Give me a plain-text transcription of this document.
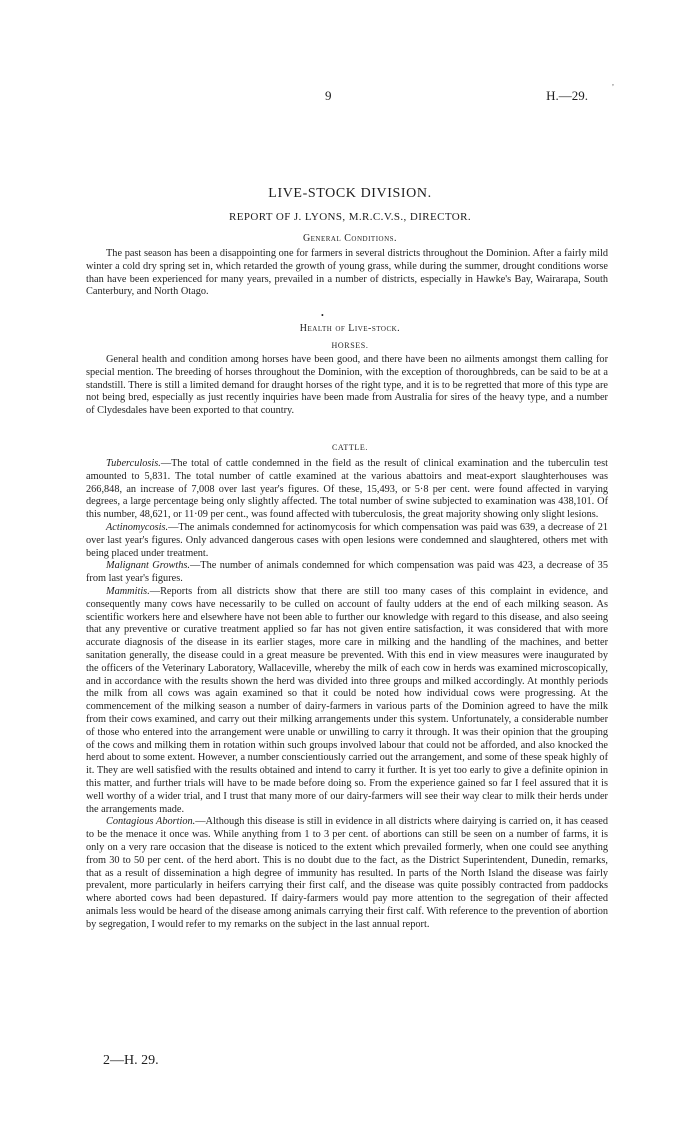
,
9	H.—29.
LIVE-STOCK DIVISION.
REPORT OF J. LYONS, M.R.C.V.S., DIRECTOR.
General Conditions.

The past season has been a disappointing one for farmers in several districts throughout the Dominion. After a fairly mild winter a cold dry spring set in, which retarded the growth of young grass, while during the summer, drought conditions worse than have been experienced for many years, prevailed in a number of districts, especially in Hawke's Bay, Wairarapa, South Canterbury, and North Otago.

•
Health of Live-stock.
HORSES.

General health and condition among horses have been good, and there have been no ailments amongst them calling for special mention. The breeding of horses throughout the Dominion, with the exception of thoroughbreds, can be said to be at a standstill. There is still a limited demand for draught horses of the right type, and it is to be regretted that more of this type are not being bred, especially as just recently inquiries have been made from Australia for sires of the heavy type, and a number of Clydesdales have been exported to that country.

CATTLE.

Tuberculosis.—The total of cattle condemned in the field as the result of clinical examination and the tuberculin test amounted to 5,831. The total number of cattle examined at the various abattoirs and meat-export slaughterhouses was 266,848, an increase of 7,008 over last year's figures. Of these, 15,493, or 5·8 per cent. were found affected in varying degrees, a large percentage being only slightly affected. The total number of swine subjected to examination was 438,101. Of this number, 48,621, or 11·09 per cent., was found affected with tuberculosis, the great majority showing only slight lesions.

Actinomycosis.—The animals condemned for actinomycosis for which compensation was paid was 639, a decrease of 21 over last year's figures. Only advanced dangerous cases with open lesions were condemned and slaughtered, others met with being placed under treatment.

Malignant Growths.—The number of animals condemned for which compensation was paid was 423, a decrease of 35 from last year's figures.

Mammitis.—Reports from all districts show that there are still too many cases of this complaint in evidence, and consequently many cows have necessarily to be culled on account of faulty udders at the end of each milking season. As scientific workers here and elsewhere have not been able to further our knowledge with regard to this disease, and also seeing that any preventive or curative treatment applied so far has not given entire satisfaction, it was considered that with more accurate diagnosis of the disease in its earlier stages, more care in milking and the handling of the machines, and better sanitation generally, the disease could in a great measure be prevented. With this end in view measures were inaugurated by the officers of the Veterinary Laboratory, Wallaceville, whereby the milk of each cow in herds was examined microscopically, and in accordance with the results shown the herd was divided into three groups and milked accordingly. At monthly periods the milk from all cows was again examined so that it could be noted how individual cows were progressing. At the commencement of the milking season a number of dairy-farmers in various parts of the Dominion agreed to have the milk from their cows examined, and carry out their milking arrangements under this system. Unfortunately, a considerable number of those who entered into the arrangement were unable or unwilling to carry it through. It was their opinion that the grouping of the cows and milking them in rotation within such groups involved labour that could not be afforded, and also knocked the herd about to some extent. However, a number conscientiously carried out the arrangement, and some of these speak highly of it. They are well satisfied with the results obtained and intend to carry it further. It is yet too early to give a definite opinion in this matter, and further trials will have to be made before doing so. From the experience gained so far I feel assured that it is well worthy of a wider trial, and I trust that many more of our dairy-farmers will see their way clear to milk their herds under the arrangements made.

Contagious Abortion.—Although this disease is still in evidence in all districts where dairying is carried on, it has ceased to be the menace it once was. While anything from 1 to 3 per cent. of abortions can still be seen on a number of farms, it is only on a very rare occasion that the disease is noticed to the extent which prevailed formerly, when one could see anything from 30 to 50 per cent. of the herd abort. This is no doubt due to the fact, as the District Superintendent, Dunedin, remarks, that as a result of dissemination a high degree of immunity has resulted. In parts of the North Island the disease was fairly prevalent, more particularly in heifers carrying their first calf, and the disease was quite possibly contracted from paddocks where aborted cows had been depastured. If dairy-farmers would pay more attention to the segregation of their affected animals less would be heard of the disease among animals carrying their first calf. With reference to the prevention of abortion by segregation, I would refer to my remarks on the subject in the last annual report.

2—H. 29.
